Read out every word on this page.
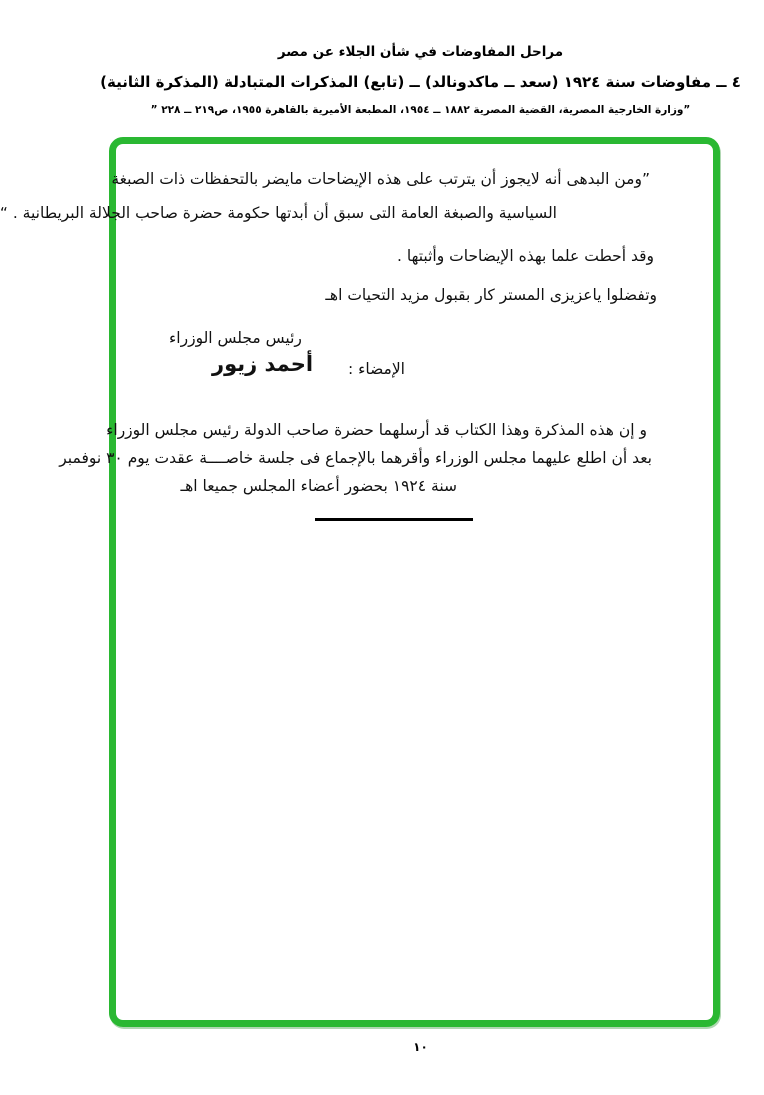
مراحل المفاوضات في شأن الجلاء عن مصر
٤ ــ مفاوضات سنة ١٩٢٤ (سعد ــ ماكدونالد) ــ (تابع) المذكرات المتبادلة (المذكرة الثانية)
”وزارة الخارجية المصرية، القضية المصرية ١٨٨٢ ــ ١٩٥٤، المطبعة الأميرية بالقاهرة ١٩٥٥، ص٢١٩ ــ ٢٢٨ ”
”ومن البدهى أنه لايجوز أن يترتب على هذه الإيضاحات مايضر بالتحفظات ذات الصبغة
السياسية والصبغة العامة التى سبق أن أبدتها حكومة حضرة صاحب الجلالة البريطانية . “
وقد أحطت علما بهذه الإيضاحات وأثبتها .
وتفضلوا ياعزيزى المستر كار بقبول مزيد التحيات اهـ
رئيس مجلس الوزراء
الإمضاء :
أحمد زيور
و إن هذه المذكرة وهذا الكتاب قد أرسلهما حضرة صاحب الدولة رئيس مجلس الوزراء
بعد أن اطلع عليهما مجلس الوزراء وأقرهما بالإجماع فى جلسة خاصــــة عقدت يوم ٣٠ نوفمبر
سنة ١٩٢٤ بحضور أعضاء المجلس جميعا اهـ
١٠
